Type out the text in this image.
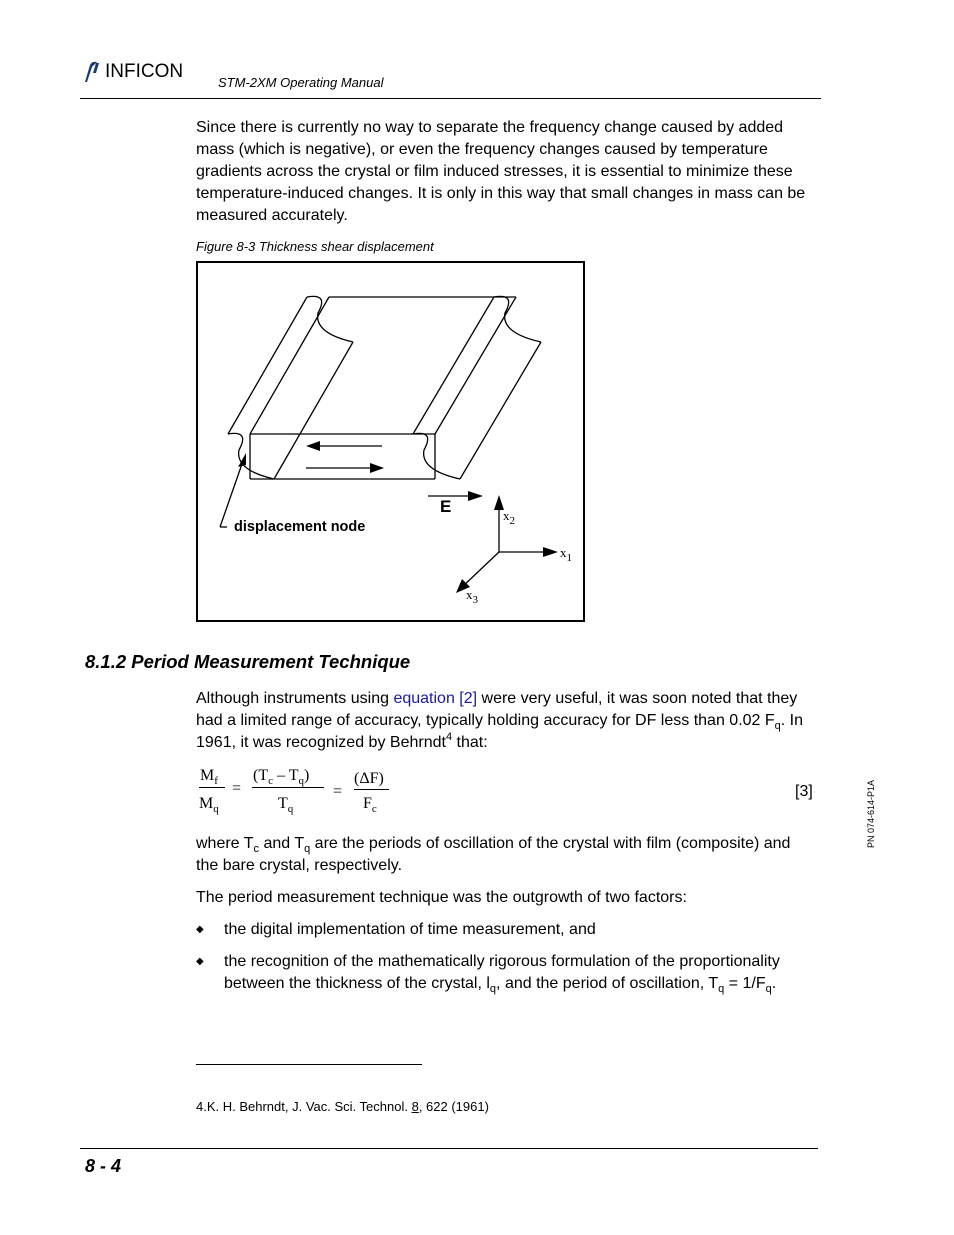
INFICON
STM-2XM Operating Manual
Since there is currently no way to separate the frequency change caused by added mass (which is negative), or even the frequency changes caused by temperature gradients across the crystal or film induced stresses, it is essential to minimize these temperature-induced changes. It is only in this way that small changes in mass can be measured accurately.
Figure 8-3 Thickness shear displacement
displacement node
E	$x_2$
$x_1$
$x_3$
8.1.2 Period Measurement Technique
Although instruments using equation [2] were very useful, it was soon noted that they had a limited range of accuracy, typically holding accuracy for DF less than 0.02 $F_q$. In 1961, it was recognized by Behrndt$^4$ that:
$M_f$
$M_q$
=
$(T_c - T_q)$
$T_q$
=
(ΔF)
$F_c$
[3]
where $T_c$ and $T_q$ are the periods of oscillation of the crystal with film (composite) and the bare crystal, respectively.
The period measurement technique was the outgrowth of two factors:
◆ the digital implementation of time measurement, and
◆ the recognition of the mathematically rigorous formulation of the proportionality between the thickness of the crystal, $l_q$, and the period of oscillation, $T_q = 1/F_q$.
PN 074-614-P1A
4.K. H. Behrndt, J. Vac. Sci. Technol. 8, 622 (1961)
8 - 4
